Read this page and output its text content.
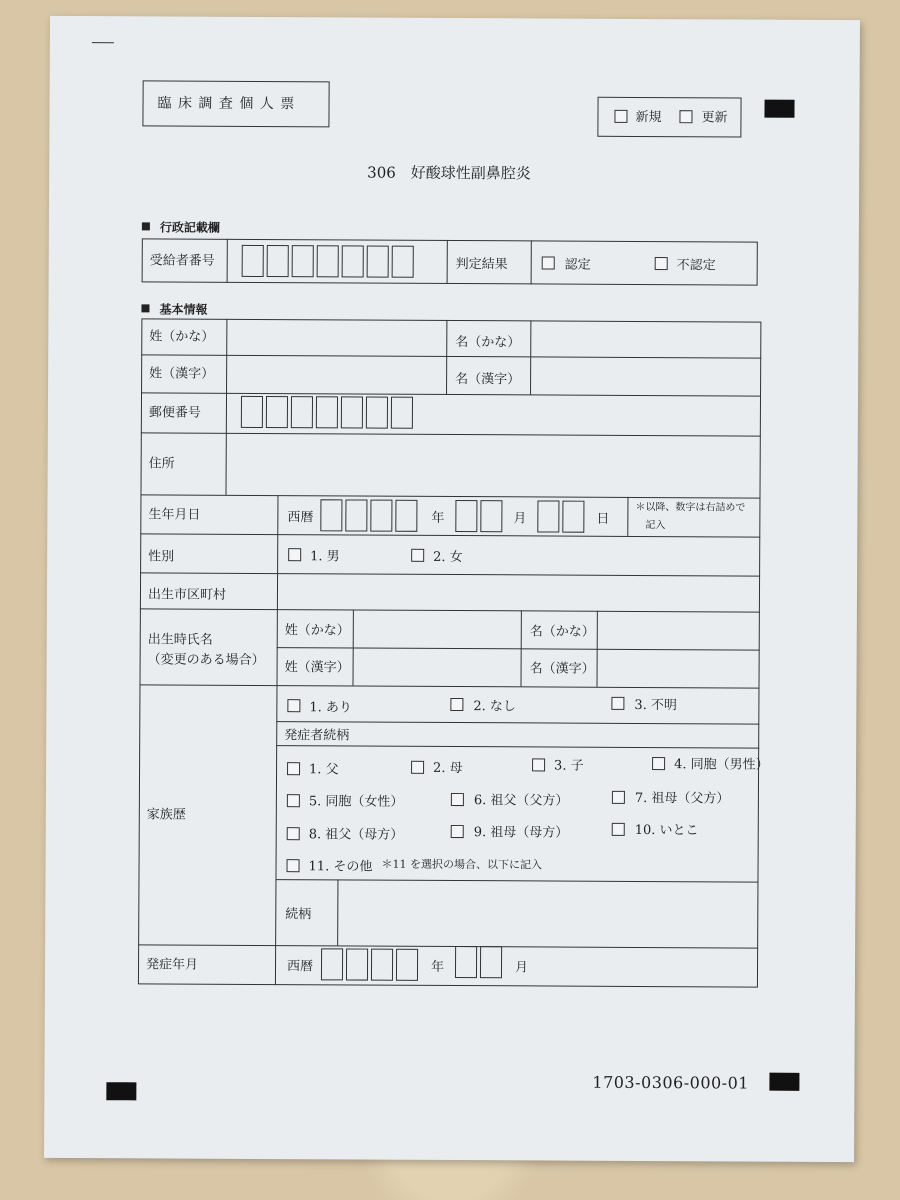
臨 床 調 査 個 人 票
新規	更新
306　好酸球性副鼻腔炎
行政記載欄
受給者番号	判定結果	認定	不認定
基本情報
姓（かな）	名（かな）
姓（漢字）	名（漢字）
郵便番号
住所
生年月日	西暦	年	月	日
＊以降、数字は右詰めで
記入
性別	1. 男	2. 女
出生市区町村
出生時氏名
（変更のある場合）
姓（かな）	名（かな）
姓（漢字）	名（漢字）
家族歴
1. あり	2. なし	3. 不明
発症者続柄
1. 父	2. 母	3. 子	4. 同胞（男性）
5. 同胞（女性）	6. 祖父（父方）	7. 祖母（父方）
8. 祖父（母方）	9. 祖母（母方）	10. いとこ
11. その他 ＊11 を選択の場合、以下に記入
続柄
発症年月	西暦	年	月
1703-0306-000-01
